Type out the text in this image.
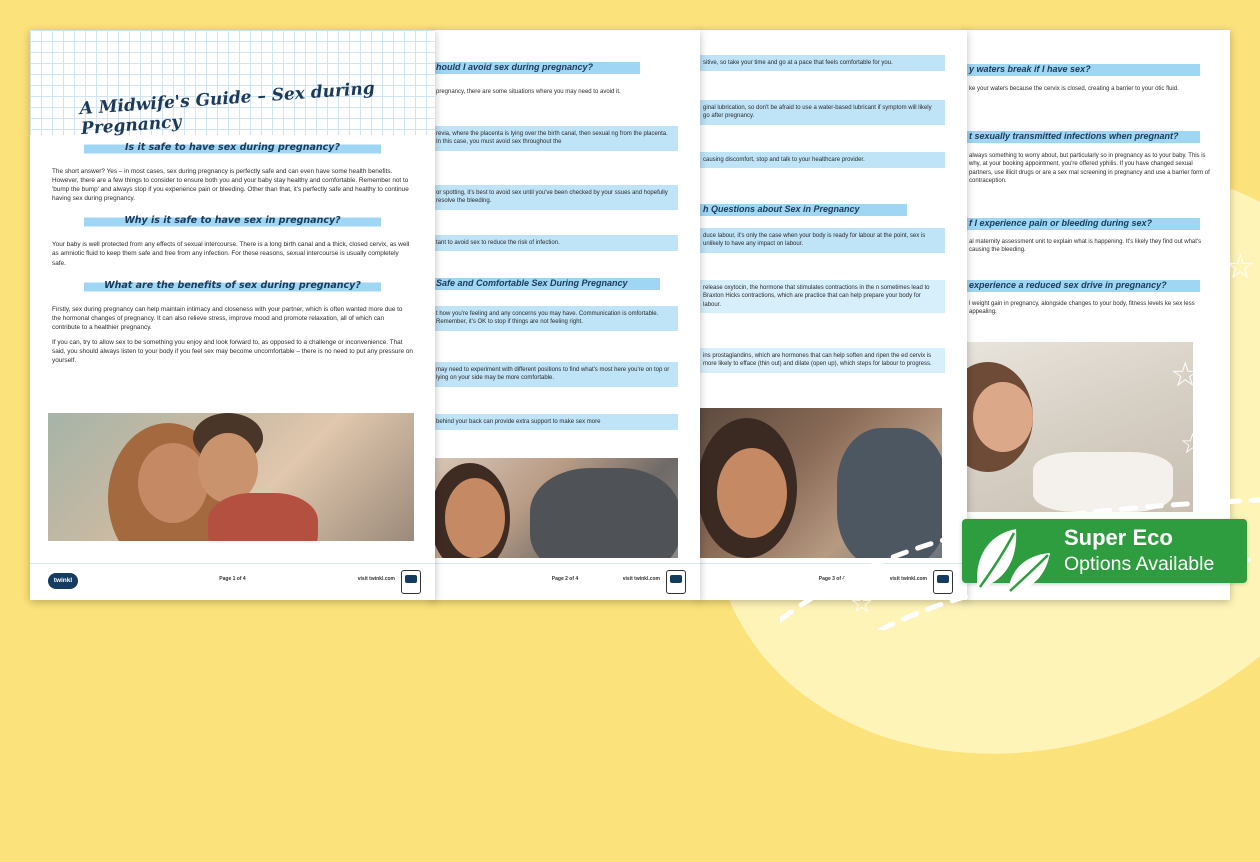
y waters break if I have sex?
ke your waters because the cervix is closed, creating a barrier to your otic fluid.
t sexually transmitted infections when pregnant?
always something to worry about, but particularly so in pregnancy as to your baby. This is why, at your booking appointment, you're offered yphilis. If you have changed sexual partners, use illicit drugs or are a sex rnal screening in pregnancy and use a barrier form of contraception.
f I experience pain or bleeding during sex?
al maternity assessment unit to explain what is happening. It's likely they find out what's causing the bleeding.
experience a reduced sex drive in pregnancy?
l weight gain in pregnancy, alongside changes to your body, fitness levels ke sex less appealing.
sitive, so take your time and go at a pace that feels comfortable for you.
ginal lubrication, so don't be afraid to use a water-based lubricant if symptom will likely go after pregnancy.
causing discomfort, stop and talk to your healthcare provider.
h Questions about Sex in Pregnancy
duce labour, it's only the case when your body is ready for labour at the point, sex is unlikely to have any impact on labour.
release oxytocin, the hormone that stimulates contractions in the n sometimes lead to Braxton Hicks contractions, which are practice that can help prepare your body for labour.
ins prostaglandins, which are hormones that can help soften and ripen the ed cervix is more likely to efface (thin out) and dilate (open up), which steps for labour to progress.
Page 3 of 4	visit twinkl.com
hould I avoid sex during pregnancy?
pregnancy, there are some situations where you may need to avoid it.
revia, where the placenta is lying over the birth canal, then sexual ng from the placenta. In this case, you must avoid sex throughout the
or spotting, it's best to avoid sex until you've been checked by your ssues and hopefully resolve the bleeding.
tant to avoid sex to reduce the risk of infection.
Safe and Comfortable Sex During Pregnancy
t how you're feeling and any concerns you may have. Communication is omfortable. Remember, it's OK to stop if things are not feeling right.
may need to experiment with different positions to find what's most here you're on top or lying on your side may be more comfortable.
behind your back can provide extra support to make sex more
Page 2 of 4	visit twinkl.com
A Midwife's Guide – Sex during Pregnancy
Is it safe to have sex during pregnancy?

The short answer? Yes – in most cases, sex during pregnancy is perfectly safe and can even have some health benefits. However, there are a few things to consider to ensure both you and your baby stay healthy and comfortable. Remember not to 'bump the bump' and always stop if you experience pain or bleeding. Other than that, it's perfectly safe and healthy to continue having sex during pregnancy.

Why is it safe to have sex in pregnancy?

Your baby is well protected from any effects of sexual intercourse. There is a long birth canal and a thick, closed cervix, as well as amniotic fluid to keep them safe and free from any infection. For these reasons, sexual intercourse is usually completely safe.

What are the benefits of sex during pregnancy?

Firstly, sex during pregnancy can help maintain intimacy and closeness with your partner, which is often wanted more due to the hormonal changes of pregnancy. It can also relieve stress, improve mood and promote relaxation, all of which can contribute to a healthier pregnancy.

If you can, try to allow sex to be something you enjoy and look forward to, as opposed to a challenge or inconvenience. That said, you should always listen to your body if you feel sex may become uncomfortable – there is no need to put any pressure on yourself.

twinkl	Page 1 of 4	visit twinkl.com
☆
☆
☆
☆

Super Eco

Options Available
